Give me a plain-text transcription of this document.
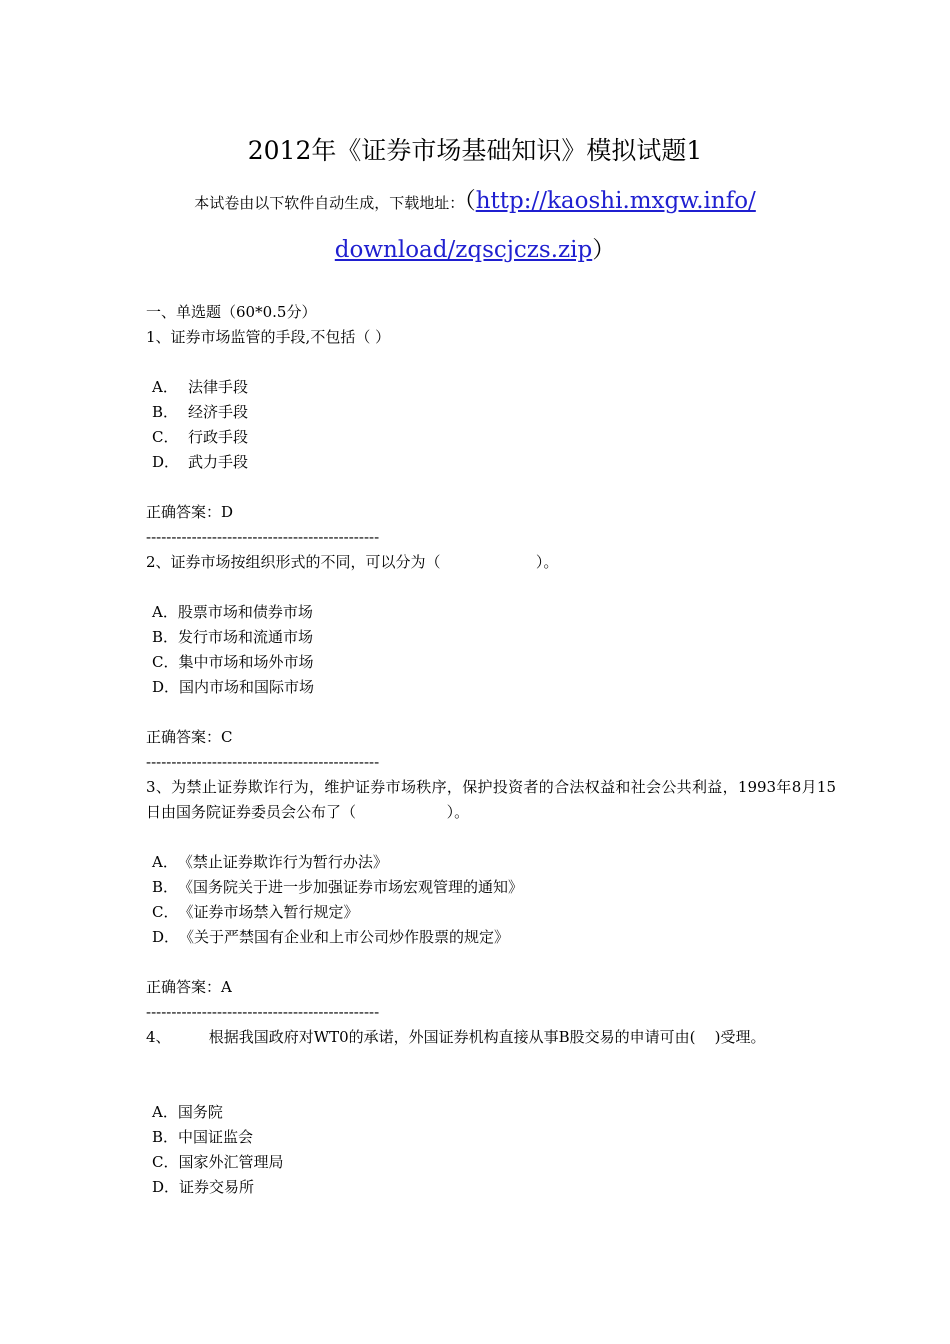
2012年《证券市场基础知识》模拟试题1
本试卷由以下软件自动生成，下载地址：（http://kaoshi.mxgw.info/
download/zqscjczs.zip）
一、单选题（60*0.5分）
1、证券市场监管的手段,不包括（ ）
A． 法律手段
B． 经济手段
C． 行政手段
D． 武力手段
正确答案：D
----------------------------------------------
2、证券市场按组织形式的不同，可以分为（                    ）。
A．股票市场和债券市场
B．发行市场和流通市场
C．集中市场和场外市场
D．国内市场和国际市场
正确答案：C
----------------------------------------------
3、为禁止证券欺诈行为，维护证券市场秩序，保护投资者的合法权益和社会公共利益，1993年8月15日由国务院证券委员会公布了（                   ）。
A．《禁止证券欺诈行为暂行办法》
B．《国务院关于进一步加强证券市场宏观管理的通知》
C．《证券市场禁入暂行规定》
D．《关于严禁国有企业和上市公司炒作股票的规定》
正确答案：A
----------------------------------------------
4、        根据我国政府对WT0的承诺，外国证券机构直接从事B股交易的申请可由(    )受理。
A．国务院
B．中国证监会
C．国家外汇管理局
D．证券交易所
